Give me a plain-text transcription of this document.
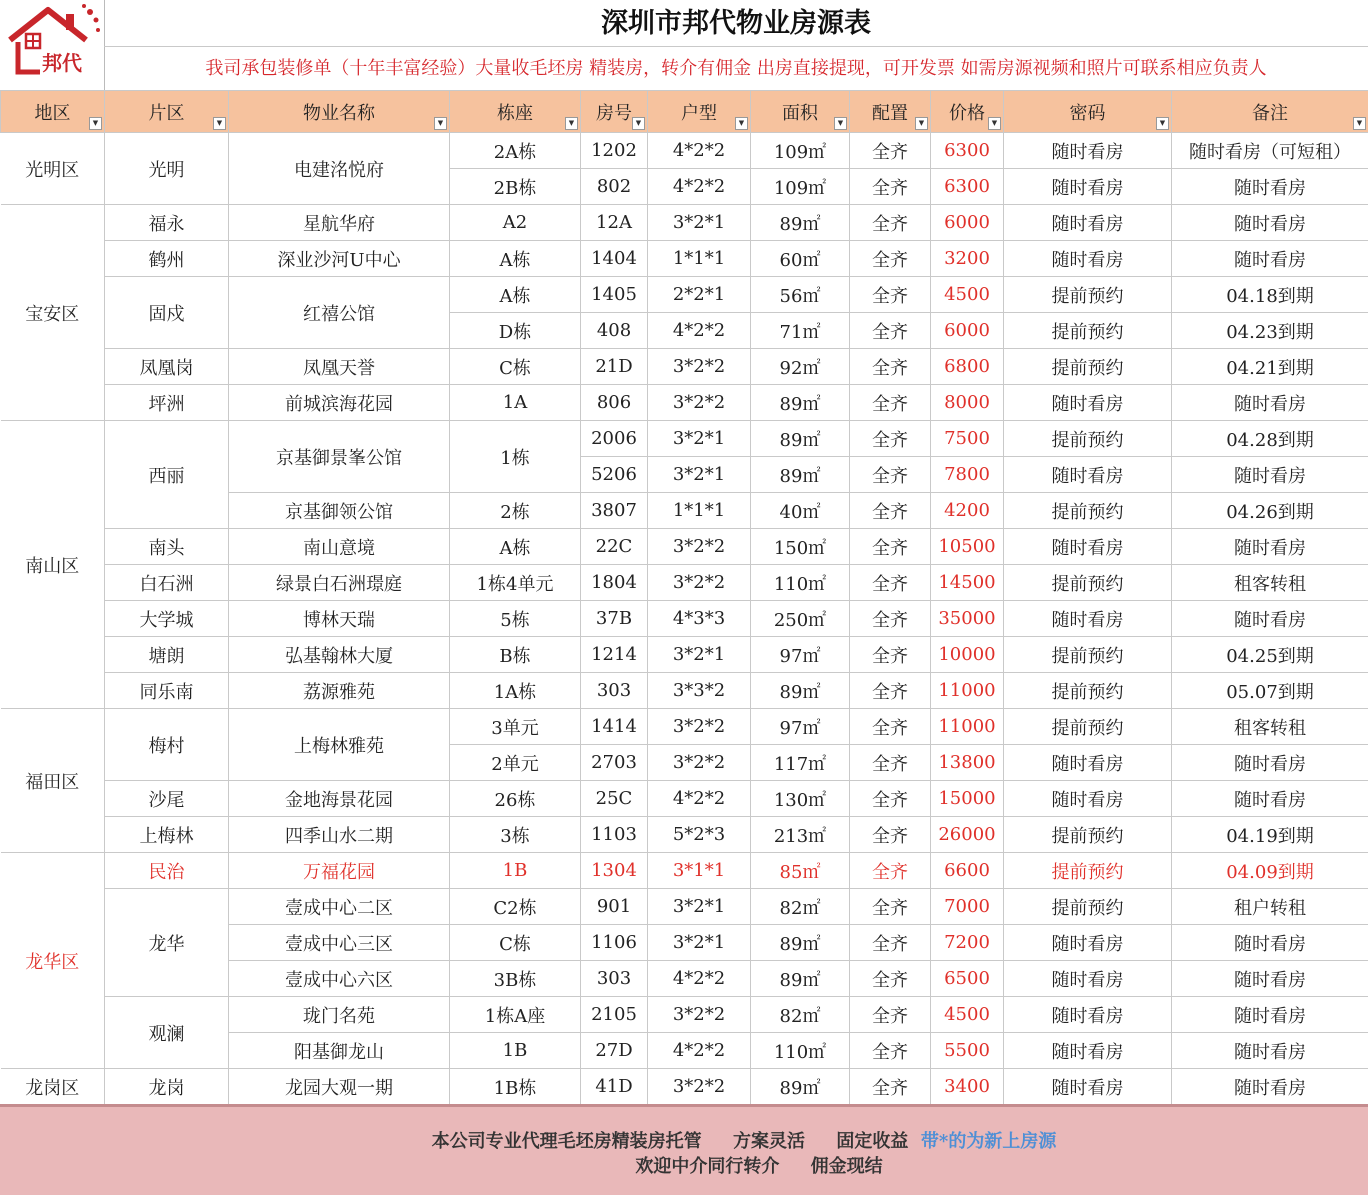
邦代
深圳市邦代物业房源表
我司承包装修单（十年丰富经验）大量收毛坯房 精装房，转介有佣金 出房直接提现，可开发票 如需房源视频和照片可联系相应负责人
地区 ▼	片区 ▼	物业名称 ▼	栋座 ▼	房号 ▼	户型 ▼	面积 ▼	配置 ▼	价格 ▼	密码 ▼	备注 ▼

光明区	光明	电建洺悦府	2A栋	1202	4*2*2	109㎡	全齐	6300	随时看房	随时看房（可短租）
			2B栋	802	4*2*2	109㎡	全齐	6300	随时看房	随时看房
宝安区	福永	星航华府	A2	12A	3*2*1	89㎡	全齐	6000	随时看房	随时看房
	鹤州	深业沙河U中心	A栋	1404	1*1*1	60㎡	全齐	3200	随时看房	随时看房
	固戍	红禧公馆	A栋	1405	2*2*1	56㎡	全齐	4500	提前预约	04.18到期
			D栋	408	4*2*2	71㎡	全齐	6000	提前预约	04.23到期
	凤凰岗	凤凰天誉	C栋	21D	3*2*2	92㎡	全齐	6800	提前预约	04.21到期
	坪洲	前城滨海花园	1A	806	3*2*2	89㎡	全齐	8000	随时看房	随时看房
南山区	西丽	京基御景峯公馆	1栋	2006	3*2*1	89㎡	全齐	7500	提前预约	04.28到期
				5206	3*2*1	89㎡	全齐	7800	随时看房	随时看房
		京基御领公馆	2栋	3807	1*1*1	40㎡	全齐	4200	提前预约	04.26到期
	南头	南山意境	A栋	22C	3*2*2	150㎡	全齐	10500	随时看房	随时看房
	白石洲	绿景白石洲璟庭	1栋4单元	1804	3*2*2	110㎡	全齐	14500	提前预约	租客转租
	大学城	博林天瑞	5栋	37B	4*3*3	250㎡	全齐	35000	随时看房	随时看房
	塘朗	弘基翰林大厦	B栋	1214	3*2*1	97㎡	全齐	10000	提前预约	04.25到期
	同乐南	荔源雅苑	1A栋	303	3*3*2	89㎡	全齐	11000	提前预约	05.07到期
福田区	梅村	上梅林雅苑	3单元	1414	3*2*2	97㎡	全齐	11000	提前预约	租客转租
			2单元	2703	3*2*2	117㎡	全齐	13800	随时看房	随时看房
	沙尾	金地海景花园	26栋	25C	4*2*2	130㎡	全齐	15000	随时看房	随时看房
	上梅林	四季山水二期	3栋	1103	5*2*3	213㎡	全齐	26000	提前预约	04.19到期
龙华区	民治	万福花园	1B	1304	3*1*1	85㎡	全齐	6600	提前预约	04.09到期
	龙华	壹成中心二区	C2栋	901	3*2*1	82㎡	全齐	7000	提前预约	租户转租
		壹成中心三区	C栋	1106	3*2*1	89㎡	全齐	7200	随时看房	随时看房
		壹成中心六区	3B栋	303	4*2*2	89㎡	全齐	6500	随时看房	随时看房
	观澜	珑门名苑	1栋A座	2105	3*2*2	82㎡	全齐	4500	随时看房	随时看房
		阳基御龙山	1B	27D	4*2*2	110㎡	全齐	5500	随时看房	随时看房
龙岗区	龙岗	龙园大观一期	1B栋	41D	3*2*2	89㎡	全齐	3400	随时看房	随时看房
本公司专业代理毛坯房精装房托管 方案灵活 固定收益 带*的为新上房源
欢迎中介同行转介 佣金现结
